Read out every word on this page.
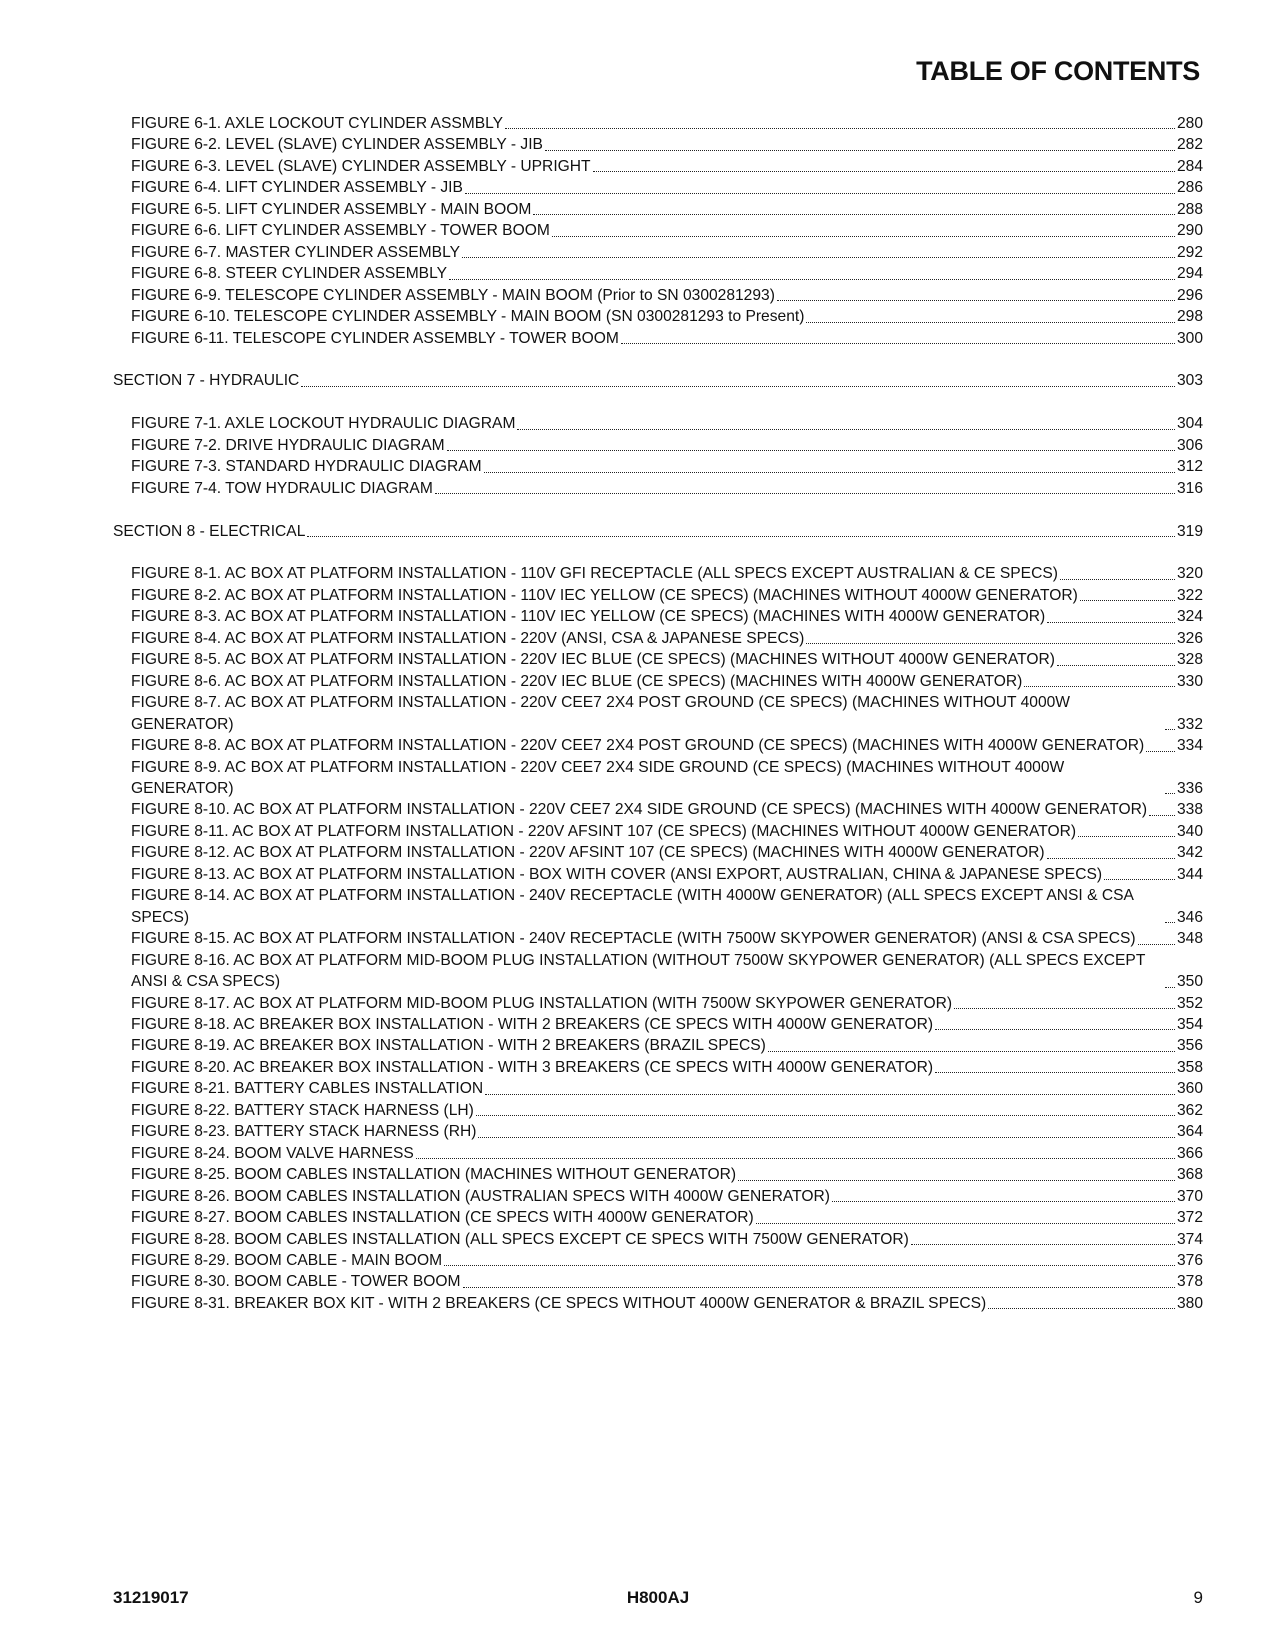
TABLE OF CONTENTS
FIGURE 6-1. AXLE LOCKOUT CYLINDER ASSMBLY	280
FIGURE 6-2. LEVEL (SLAVE) CYLINDER ASSEMBLY - JIB	282
FIGURE 6-3. LEVEL (SLAVE) CYLINDER ASSEMBLY - UPRIGHT	284
FIGURE 6-4. LIFT CYLINDER ASSEMBLY - JIB	286
FIGURE 6-5. LIFT CYLINDER ASSEMBLY - MAIN BOOM	288
FIGURE 6-6. LIFT CYLINDER ASSEMBLY - TOWER BOOM	290
FIGURE 6-7. MASTER CYLINDER ASSEMBLY	292
FIGURE 6-8. STEER CYLINDER ASSEMBLY	294
FIGURE 6-9. TELESCOPE CYLINDER ASSEMBLY - MAIN BOOM (Prior to SN 0300281293)	296
FIGURE 6-10. TELESCOPE CYLINDER ASSEMBLY - MAIN BOOM (SN 0300281293 to Present)	298
FIGURE 6-11. TELESCOPE CYLINDER ASSEMBLY - TOWER BOOM	300
SECTION 7 - HYDRAULIC	303
FIGURE 7-1. AXLE LOCKOUT HYDRAULIC DIAGRAM	304
FIGURE 7-2. DRIVE HYDRAULIC DIAGRAM	306
FIGURE 7-3. STANDARD HYDRAULIC DIAGRAM	312
FIGURE 7-4. TOW HYDRAULIC DIAGRAM	316
SECTION 8 - ELECTRICAL	319
FIGURE 8-1. AC BOX AT PLATFORM INSTALLATION - 110V GFI RECEPTACLE (ALL SPECS EXCEPT AUSTRALIAN & CE SPECS)	320
FIGURE 8-2. AC BOX AT PLATFORM INSTALLATION - 110V IEC YELLOW (CE SPECS) (MACHINES WITHOUT 4000W GENERATOR)	322
FIGURE 8-3. AC BOX AT PLATFORM INSTALLATION - 110V IEC YELLOW (CE SPECS) (MACHINES WITH 4000W GENERATOR)	324
FIGURE 8-4. AC BOX AT PLATFORM INSTALLATION - 220V (ANSI, CSA & JAPANESE SPECS)	326
FIGURE 8-5. AC BOX AT PLATFORM INSTALLATION - 220V IEC BLUE (CE SPECS) (MACHINES WITHOUT 4000W GENERATOR)	328
FIGURE 8-6. AC BOX AT PLATFORM INSTALLATION - 220V IEC BLUE (CE SPECS) (MACHINES WITH 4000W GENERATOR)	330
FIGURE 8-7. AC BOX AT PLATFORM INSTALLATION - 220V CEE7 2X4 POST GROUND (CE SPECS) (MACHINES WITHOUT 4000W GENERATOR)	332
FIGURE 8-8. AC BOX AT PLATFORM INSTALLATION - 220V CEE7 2X4 POST GROUND (CE SPECS) (MACHINES WITH 4000W GENERATOR) 334
FIGURE 8-9. AC BOX AT PLATFORM INSTALLATION - 220V CEE7 2X4 SIDE GROUND (CE SPECS) (MACHINES WITHOUT 4000W GENERATOR)	336
FIGURE 8-10. AC BOX AT PLATFORM INSTALLATION - 220V CEE7 2X4 SIDE GROUND (CE SPECS) (MACHINES WITH 4000W GENERATOR) 338
FIGURE 8-11. AC BOX AT PLATFORM INSTALLATION - 220V AFSINT 107 (CE SPECS) (MACHINES WITHOUT 4000W GENERATOR)	340
FIGURE 8-12. AC BOX AT PLATFORM INSTALLATION - 220V AFSINT 107 (CE SPECS) (MACHINES WITH 4000W GENERATOR)	342
FIGURE 8-13. AC BOX AT PLATFORM INSTALLATION - BOX WITH COVER (ANSI EXPORT, AUSTRALIAN, CHINA & JAPANESE SPECS)	344
FIGURE 8-14. AC BOX AT PLATFORM INSTALLATION - 240V RECEPTACLE (WITH 4000W GENERATOR) (ALL SPECS EXCEPT ANSI & CSA SPECS)	346
FIGURE 8-15. AC BOX AT PLATFORM INSTALLATION - 240V RECEPTACLE (WITH 7500W SKYPOWER GENERATOR) (ANSI & CSA SPECS)	348
FIGURE 8-16. AC BOX AT PLATFORM MID-BOOM PLUG INSTALLATION (WITHOUT 7500W SKYPOWER GENERATOR) (ALL SPECS EXCEPT ANSI & CSA SPECS)	350
FIGURE 8-17. AC BOX AT PLATFORM MID-BOOM PLUG INSTALLATION (WITH 7500W SKYPOWER GENERATOR)	352
FIGURE 8-18. AC BREAKER BOX INSTALLATION - WITH 2 BREAKERS (CE SPECS WITH 4000W GENERATOR)	354
FIGURE 8-19. AC BREAKER BOX INSTALLATION - WITH 2 BREAKERS (BRAZIL SPECS)	356
FIGURE 8-20. AC BREAKER BOX INSTALLATION - WITH 3 BREAKERS (CE SPECS WITH 4000W GENERATOR)	358
FIGURE 8-21. BATTERY CABLES INSTALLATION	360
FIGURE 8-22. BATTERY STACK HARNESS (LH)	362
FIGURE 8-23. BATTERY STACK HARNESS (RH)	364
FIGURE 8-24. BOOM VALVE HARNESS	366
FIGURE 8-25. BOOM CABLES INSTALLATION (MACHINES WITHOUT GENERATOR)	368
FIGURE 8-26. BOOM CABLES INSTALLATION (AUSTRALIAN SPECS WITH 4000W GENERATOR)	370
FIGURE 8-27. BOOM CABLES INSTALLATION (CE SPECS WITH 4000W GENERATOR)	372
FIGURE 8-28. BOOM CABLES INSTALLATION (ALL SPECS EXCEPT CE SPECS WITH 7500W GENERATOR)	374
FIGURE 8-29. BOOM CABLE - MAIN BOOM	376
FIGURE 8-30. BOOM CABLE - TOWER BOOM	378
FIGURE 8-31. BREAKER BOX KIT - WITH 2 BREAKERS (CE SPECS WITHOUT 4000W GENERATOR & BRAZIL SPECS)	380
31219017	H800AJ	9
